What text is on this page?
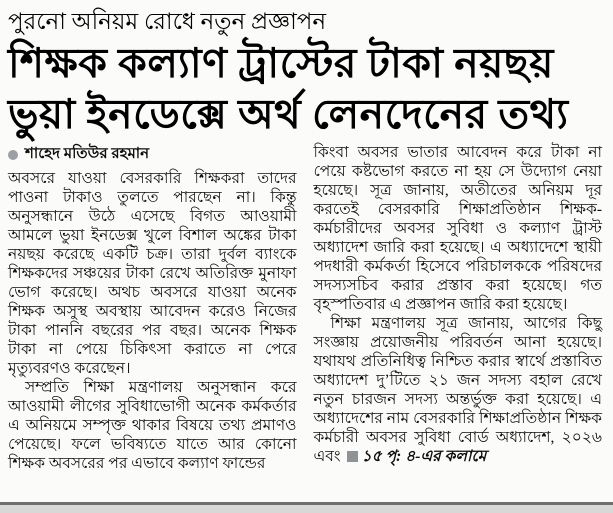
পুরনো অনিয়ম রোধে নতুন প্রজ্ঞাপন
শিক্ষক কল্যাণ ট্রাস্টের টাকা নয়ছয়
ভুয়া ইনডেক্সে অর্থ লেনদেনের তথ্য
শাহেদ মতিউর রহমান

অবসরে যাওয়া বেসরকারি শিক্ষকরা তাদের পাওনা টাকাও তুলতে পারছেন না। কিন্তু অনুসন্ধানে উঠে এসেছে বিগত আওয়ামী আমলে ভুয়া ইনডেক্স খুলে বিশাল অঙ্কের টাকা নয়ছয় করেছে একটি চক্র। তারা দুর্বল ব্যাংকে শিক্ষকদের সঞ্চয়ের টাকা রেখে অতিরিক্ত মুনাফা ভোগ করেছে। অথচ অবসরে যাওয়া অনেক শিক্ষক অসুস্থ অবস্থায় আবেদন করেও নিজের টাকা পাননি বছরের পর বছর। অনেক শিক্ষক টাকা না পেয়ে চিকিৎসা করাতে না পেরে মৃত্যুবরণও করেছেন।

সম্প্রতি শিক্ষা মন্ত্রণালয় অনুসন্ধান করে আওয়ামী লীগের সুবিধাভোগী অনেক কর্মকর্তার এ অনিয়মে সম্পৃক্ত থাকার বিষয়ে তথ্য প্রমাণও পেয়েছে। ফলে ভবিষ্যতে যাতে আর কোনো শিক্ষক অবসরের পর এভাবে কল্যাণ ফান্ডের

কিংবা অবসর ভাতার আবেদন করে টাকা না পেয়ে কষ্টভোগ করতে না হয় সে উদ্যোগ নেয়া হয়েছে। সূত্র জানায়, অতীতের অনিয়ম দূর করতেই বেসরকারি শিক্ষাপ্রতিষ্ঠান শিক্ষক-কর্মচারীদের অবসর সুবিধা ও কল্যাণ ট্রাস্ট অধ্যাদেশ জারি করা হয়েছে। এ অধ্যাদেশে স্থায়ী পদধারী কর্মকর্তা হিসেবে পরিচালককে পরিষদের সদস্যসচিব করার প্রস্তাব করা হয়েছে। গত বৃহস্পতিবার এ প্রজ্ঞাপন জারি করা হয়েছে।

শিক্ষা মন্ত্রণালয় সূত্র জানায়, আগের কিছু সংজ্ঞায় প্রয়োজনীয় পরিবর্তন আনা হয়েছে। যথাযথ প্রতিনিধিত্ব নিশ্চিত করার স্বার্থে প্রস্তাবিত অধ্যাদেশ দু’টিতে ২১ জন সদস্য বহাল রেখে নতুন চারজন সদস্য অন্তর্ভুক্ত করা হয়েছে। এ অধ্যাদেশের নাম বেসরকারি শিক্ষাপ্রতিষ্ঠান শিক্ষক কর্মচারী অবসর সুবিধা বোর্ড অধ্যাদেশ, ২০২৬ এবং ১৫ পৃ: ৪-এর কলামে
